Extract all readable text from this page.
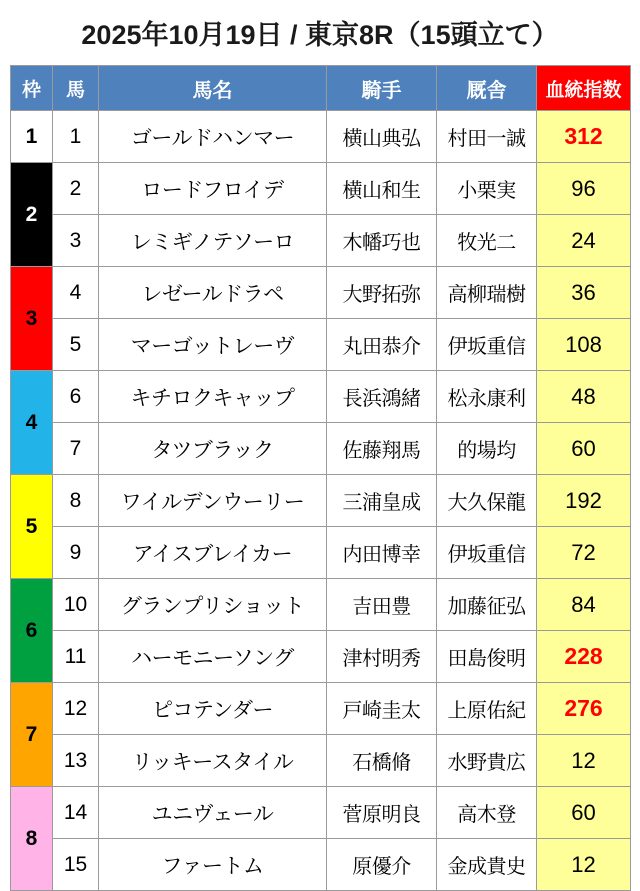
2025年10月19日 / 東京8R（15頭立て）
枠	馬	馬名	騎手	厩舎	血統指数
1	1	ゴールドハンマー	横山典弘	村田一誠	312
2	2	ロードフロイデ	横山和生	小栗実	96
	3	レミギノテソーロ	木幡巧也	牧光二	24
3	4	レゼールドラペ	大野拓弥	高柳瑞樹	36
	5	マーゴットレーヴ	丸田恭介	伊坂重信	108
4	6	キチロクキャップ	長浜鴻緒	松永康利	48
	7	タツブラック	佐藤翔馬	的場均	60
5	8	ワイルデンウーリー	三浦皇成	大久保龍	192
	9	アイスブレイカー	内田博幸	伊坂重信	72
6	10	グランプリショット	吉田豊	加藤征弘	84
	11	ハーモニーソング	津村明秀	田島俊明	228
7	12	ピコテンダー	戸崎圭太	上原佑紀	276
	13	リッキースタイル	石橋脩	水野貴広	12
8	14	ユニヴェール	菅原明良	高木登	60
	15	ファートム	原優介	金成貴史	12
